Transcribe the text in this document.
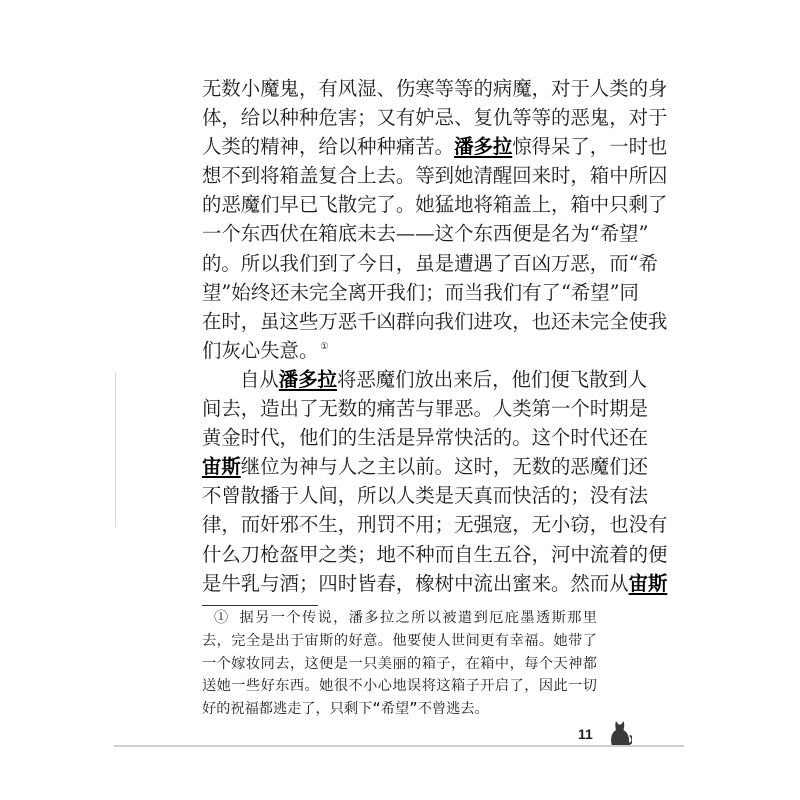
无数小魔鬼，有风湿、伤寒等等的病魔，对于人类的身
体，给以种种危害；又有妒忌、复仇等等的恶鬼，对于
人类的精神，给以种种痛苦。潘多拉惊得呆了，一时也
想不到将箱盖复合上去。等到她清醒回来时，箱中所囚
的恶魔们早已飞散完了。她猛地将箱盖上，箱中只剩了
一个东西伏在箱底未去——这个东西便是名为“希望”
的。所以我们到了今日，虽是遭遇了百凶万恶，而“希
望”始终还未完全离开我们；而当我们有了“希望”同
在时，虽这些万恶千凶群向我们进攻，也还未完全使我
们灰心失意。 ①
自从潘多拉将恶魔们放出来后，他们便飞散到人
间去，造出了无数的痛苦与罪恶。人类第一个时期是
黄金时代，他们的生活是异常快活的。这个时代还在
宙斯继位为神与人之主以前。这时，无数的恶魔们还
不曾散播于人间，所以人类是天真而快活的；没有法
律，而奸邪不生，刑罚不用；无强寇，无小窃，也没有
什么刀枪盔甲之类；地不种而自生五谷，河中流着的便
是牛乳与酒；四时皆春，橡树中流出蜜来。然而从宙斯
① 据另一个传说，潘多拉之所以被遣到厄庇墨透斯那里
去，完全是出于宙斯的好意。他要使人世间更有幸福。她带了
一个嫁妆同去，这便是一只美丽的箱子，在箱中，每个天神都
送她一些好东西。她很不小心地误将这箱子开启了，因此一切
好的祝福都逃走了，只剩下“希望”不曾逃去。
11
